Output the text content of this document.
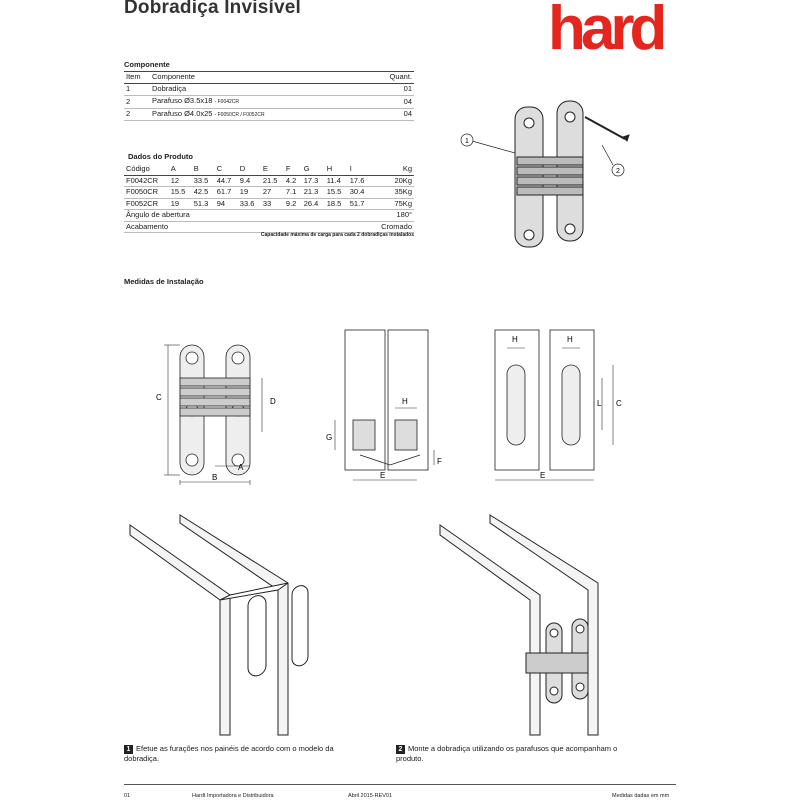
Dobradiça Invisível	hard
Componente
Item	Componente	Quant.
1	Dobradiça	01
2	Parafuso Ø3.5x18 - F0042CR	04
2	Parafuso Ø4.0x25 - F0050CR / F0052CR	04
Dados do Produto
Código	A	B	C	D	E	F	G	H	I	Kg
F0042CR	12	33.5	44.7	9.4	21.5	4.2	17.3	11.4	17.6	20Kg
F0050CR	15.5	42.5	61.7	19	27	7.1	21.3	15.5	30.4	35Kg
F0052CR	19	51.3	94	33.6	33	9.2	26.4	18.5	51.7	75Kg
Ângulo de abertura										180°
Acabamento										Cromado
Capacidade máxima de carga para cada 2 dobradiças instalados
1
2
Medidas de Instalação
C	D
A
B
G
H
E
F
H	H
L C
E
1 Efetue as furações nos painéis de acordo com o modelo da dobradiça.
2 Monte a dobradiça utilizando os parafusos que acompanham o produto.
01	Hardt Importadora e Distribuidora	Abril 2015-REV01	Medidas dadas em mm
